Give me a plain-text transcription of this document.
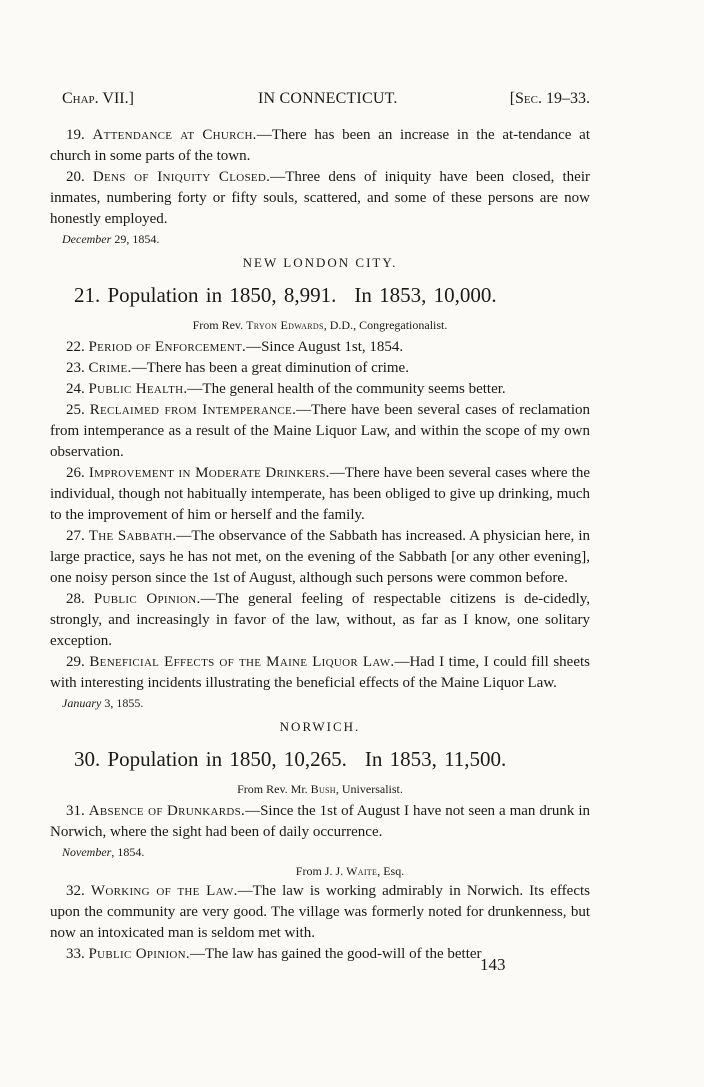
Chap. VII.]	IN CONNECTICUT.	[Sec. 19–33.

19. Attendance at Church.—There has been an increase in the at-tendance at church in some parts of the town.

20. Dens of Iniquity Closed.—Three dens of iniquity have been closed, their inmates, numbering forty or fifty souls, scattered, and some of these persons are now honestly employed.

December 29, 1854.
NEW LONDON CITY.
21. Population in 1850, 8,991. In 1853, 10,000.
From Rev. Tryon Edwards, D.D., Congregationalist.

22. Period of Enforcement.—Since August 1st, 1854.

23. Crime.—There has been a great diminution of crime.

24. Public Health.—The general health of the community seems better.

25. Reclaimed from Intemperance.—There have been several cases of reclamation from intemperance as a result of the Maine Liquor Law, and within the scope of my own observation.

26. Improvement in Moderate Drinkers.—There have been several cases where the individual, though not habitually intemperate, has been obliged to give up drinking, much to the improvement of him or herself and the family.

27. The Sabbath.—The observance of the Sabbath has increased. A physician here, in large practice, says he has not met, on the evening of the Sabbath [or any other evening], one noisy person since the 1st of August, although such persons were common before.

28. Public Opinion.—The general feeling of respectable citizens is de-cidedly, strongly, and increasingly in favor of the law, without, as far as I know, one solitary exception.

29. Beneficial Effects of the Maine Liquor Law.—Had I time, I could fill sheets with interesting incidents illustrating the beneficial effects of the Maine Liquor Law.

January 3, 1855.
NORWICH.
30. Population in 1850, 10,265. In 1853, 11,500.
From Rev. Mr. Bush, Universalist.

31. Absence of Drunkards.—Since the 1st of August I have not seen a man drunk in Norwich, where the sight had been of daily occurrence.

November, 1854.
From J. J. Waite, Esq.

32. Working of the Law.—The law is working admirably in Norwich. Its effects upon the community are very good. The village was formerly noted for drunkenness, but now an intoxicated man is seldom met with.

33. Public Opinion.—The law has gained the good-will of the better

143
